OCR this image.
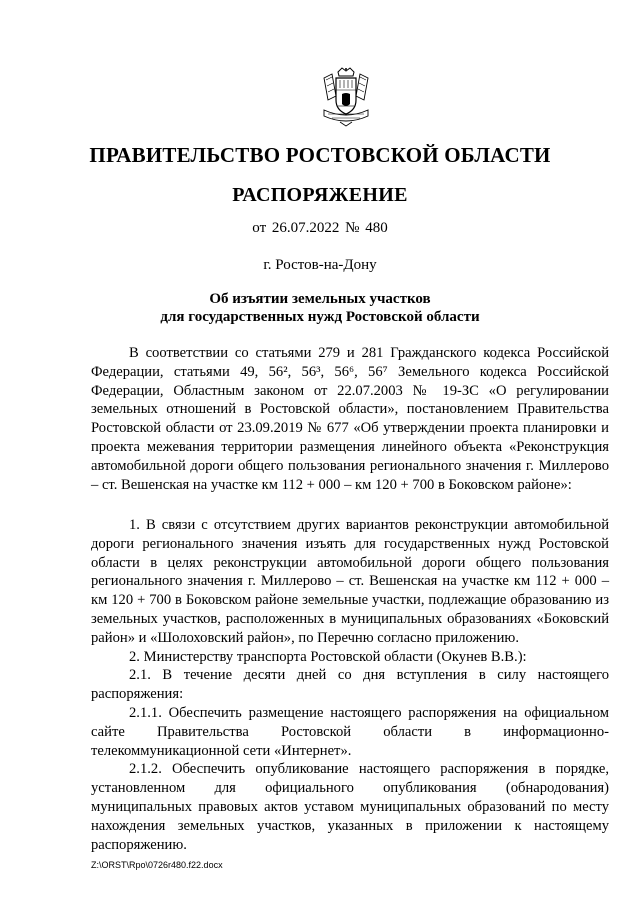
ПРАВИТЕЛЬСТВО РОСТОВСКОЙ ОБЛАСТИ
РАСПОРЯЖЕНИЕ
от 26.07.2022 № 480
г. Ростов-на-Дону
Об изъятии земельных участков
для государственных нужд Ростовской области

В соответствии со статьями 279 и 281 Гражданского кодекса Российской Федерации, статьями 49, 56², 56³, 56⁶, 56⁷ Земельного кодекса Российской Федерации, Областным законом от 22.07.2003 № 19-ЗС «О регулировании земельных отношений в Ростовской области», постановлением Правительства Ростовской области от 23.09.2019 № 677 «Об утверждении проекта планировки и проекта межевания территории размещения линейного объекта «Реконструкция автомобильной дороги общего пользования регионального значения г. Миллерово – ст. Вешенская на участке км 112 + 000 – км 120 + 700 в Боковском районе»:

1. В связи с отсутствием других вариантов реконструкции автомобильной дороги регионального значения изъять для государственных нужд Ростовской области в целях реконструкции автомобильной дороги общего пользования регионального значения г. Миллерово – ст. Вешенская на участке км 112 + 000 – км 120 + 700 в Боковском районе земельные участки, подлежащие образованию из земельных участков, расположенных в муниципальных образованиях «Боковский район» и «Шолоховский район», по Перечню согласно приложению.

2. Министерству транспорта Ростовской области (Окунев В.В.):

2.1. В течение десяти дней со дня вступления в силу настоящего распоряжения:

2.1.1. Обеспечить размещение настоящего распоряжения на официальном сайте Правительства Ростовской области в информационно-телекоммуникационной сети «Интернет».

2.1.2. Обеспечить опубликование настоящего распоряжения в порядке, установленном для официального опубликования (обнародования) муниципальных правовых актов уставом муниципальных образований по месту нахождения земельных участков, указанных в приложении к настоящему распоряжению.

Z:\ORST\Rpo\0726r480.f22.docx
